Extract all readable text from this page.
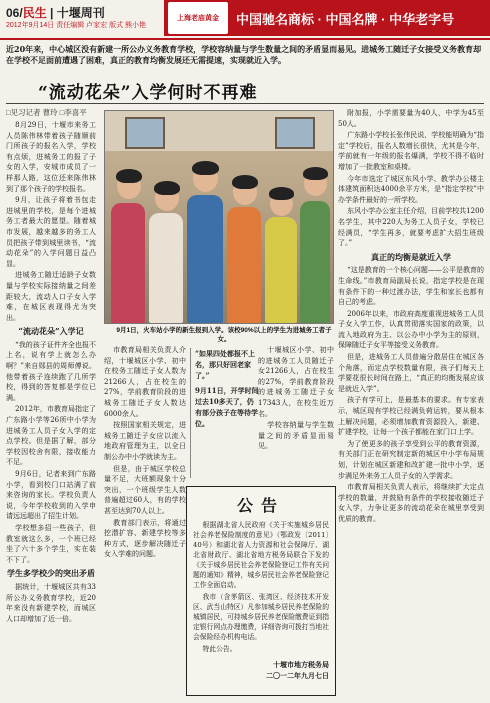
06/民生 | 十堰周刊
2012年9月14日 责任编辑 卢家宏 版式 熊小艳
上海老庙黄金 中国驰名商标 · 中国名牌 · 中华老字号
近20年来，中心城区没有新建一所公办义务教育学校，学校容纳量与学生数量之间的矛盾显而易见。进城务工随迁子女接受义务教育却在学校不足面前遭遇了困难，真正的教育均衡发展还无需提速，实现就近入学。
“流动花朵”入学何时不再难
□见习记者 曹玲 □李喜平

8月29日，十堰市来务工人员陈伟林带着孩子随顺前门所孩子的报名入学，学校有点烦，进城务工的报了子女的入学，安城市成员了一样那人路，这位还来陈伟林到了那个孩子的学校报名。

9月，让孩子将着书包走进城里的学校，是每个进城务工者最大的愿望。随着城市发展，越来越多的务工人员把孩子带到城里读书，“流动花朵”的入学问题日益凸显。

进城务工随迁适龄子女数量与学校实际接纳量之间差距较大，流动人口子女入学难，在城区表现得尤为突出。

“流动花朵”入学记

“我的孩子证件齐全也报不上名，说有学上就怎么办啊？”来自郧县的周师傅说。他带着孩子连续跑了几所学校，得到的答复都是学位已满。

2012年，市教育局指定了广东路小学等26所中小学为进城务工人员子女入学的定点学校。但是据了解，部分学校因校舍有限，接收能力不足。

9月6日，记者来到广东路小学，看到校门口站满了前来咨询的家长。学校负责人说，今年学校收到的入学申请远远超出了招生计划。

学校想多招一些孩子，但教室就这么多，一个班已经坐了六十多个学生，实在装不下了。

学生多学校少的突出矛盾

据统计，十堰城区共有33所公办义务教育学校，近20年来没有新建学校，而城区人口却增加了近一倍。

9月1日，火车站小学的新生报到入学。该校90%以上的学生为进城务工者子女。

市教育局相关负责人介绍，十堰城区小学、初中在校务工随迁子女人数为21266人，占在校生的27%，学前教育阶段的进城务工随迁子女人数达6000余人。

按照国家相关规定，进城务工随迁子女应以流入地政府管理为主，以全日制公办中小学就读为主。

但是，由于城区学校总量不足，大班额现象十分突出，一个班级学生人数普遍超过60人，有的学校甚至达到70人以上。

教育部门表示，将通过挖潜扩容、新建学校等多种方式，逐步解决随迁子女入学难的问题。

“如果四处都报不上名，那只好回老家了。”

9月11日，开学时间过去10多天了，仍有部分孩子在等待学位。

十堰城区小学、初中的进城务工人员随迁子女21266人，占在校生的27%，学前教育阶段的进城务工随迁子女17343人，在校生近万名。

学校容纳量与学生数量之间的矛盾显而易见。

公告

根据湖北省人民政府《关于实施城乡居民社会养老保险制度的意见》（鄂政发〔2011〕40号）和湖北省人力资源和社会保障厅、湖北省财政厅、湖北省地方税务局联合下发的《关于城乡居民社会养老保险登记工作有关问题的通知》精神，城乡居民社会养老保险登记工作全面启动。

我市（含茅箭区、张湾区、经济技术开发区、武当山特区）凡参加城乡居民养老保险的城镇居民，可持城乡居民养老保险缴费证到指定银行网点办理缴费，详细咨询可拨打当地社会保险经办机构电话。

特此公告。

十堰市地方税务局
二〇一二年九月七日

附加报，小学需要量为40人，中学为45至50人。

广东路小学校长张伟民说，学校能明确为“指定”学校后，报名人数增长很快，尤其是今年，学前就有一年级的报名爆满，学校不得不临时增加了一批教室和桌椅。

今年市选定了城区东风小学、教学办公楼主体建筑面积达4000余平方米，是“指定学校”中办学条件最好的一所学校。

东风小学办公室主任介绍，目前学校共1200名学生，其中220人为务工人员子女，学校已经满员，“学生再多，就要考虑扩大招生班级了。”

真正的均衡是就近入学

“这是教育的一个核心问题——公平是教育的生命线。”市教育局副局长说，指定学校是在现有条件下的一种过渡办法，学生和家长也都有自己的考虑。

2006年以来，市政府高度重视进城务工人员子女入学工作，认真贯彻落实国家的政策，以流入地政府为主、以公办中小学为主的原则，保障随迁子女平等接受义务教育。

但是，进城务工人员普遍分散居住在城区各个角落，而定点学校数量有限，孩子们每天上学要花很长时间在路上，“真正的均衡发展应该是就近入学”。

孩子有学可上，是最基本的要求。有专家表示，城区现有学校已经满负荷运转，要从根本上解决问题，必须增加教育资源投入，新建、扩建学校，让每一个孩子都能在家门口上学。

为了使更多的孩子享受到公平的教育资源，有关部门正在研究制定新的城区中小学布局规划，计划在城区新建和改扩建一批中小学，逐步满足外来务工人员子女的入学需求。

市教育局相关负责人表示，将继续扩大定点学校的数量，并鼓励有条件的学校接收随迁子女入学，力争让更多的流动花朵在城里享受到优质的教育。
